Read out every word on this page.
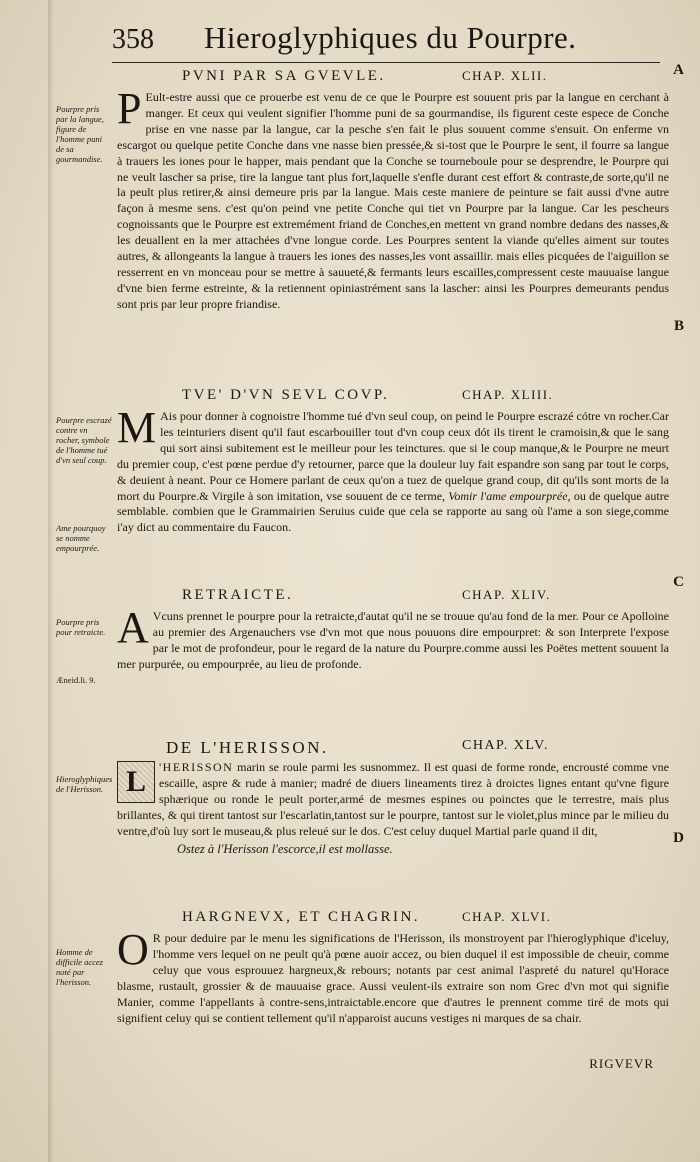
358 Hieroglyphiques du Pourpre.
A
B
C
D
PVNI PAR SA GVEVLE.	CHAP. XLII.
Pourpre pris par la langue, figure de l'homme puni de sa gourmandise.
P Eult-estre aussi que ce prouerbe est venu de ce que le Pourpre est souuent pris par la langue en cerchant à manger. Et ceux qui veulent signifier l'homme puni de sa gourmandise, ils figurent ceste espece de Conche prise en vne nasse par la langue, car la pesche s'en fait le plus souuent comme s'ensuit. On enferme vn escargot ou quelque petite Conche dans vne nasse bien pressée,& si-tost que le Pourpre le sent, il fourre sa langue à trauers les iones pour le happer, mais pendant que la Conche se tourneboule pour se desprendre, le Pourpre qui ne veult lascher sa prise, tire la langue tant plus fort,laquelle s'enfle durant cest effort & contraste,de sorte,qu'il ne la peult plus retirer,& ainsi demeure pris par la langue. Mais ceste maniere de peinture se fait aussi d'vne autre façon à mesme sens. c'est qu'on peind vne petite Conche qui tiet vn Pourpre par la langue. Car les pescheurs cognoissants que le Pourpre est extremément friand de Conches,en mettent vn grand nombre dedans des nasses,& les deuallent en la mer attachées d'vne longue corde. Les Pourpres sentent la viande qu'elles aiment sur toutes autres, & allongeants la langue à trauers les iones des nasses,les vont assaillir. mais elles picquées de l'aiguillon se resserrent en vn monceau pour se mettre à sauueté,& fermants leurs escailles,compressent ceste mauuaise langue d'vne bien ferme estreinte, & la retiennent opiniastrément sans la lascher: ainsi les Pourpres demeurants pendus sont pris par leur propre friandise.
TVE' D'VN SEVL COVP.	CHAP. XLIII.
Pourpre escrazé contre vn rocher, symbole de l'homme tué d'vn seul coup.
Ame pourquoy se nomme empourprée.
M Ais pour donner à cognoistre l'homme tué d'vn seul coup, on peind le Pourpre escrazé cótre vn rocher.Car les teinturiers disent qu'il faut escarbouiller tout d'vn coup ceux dót ils tirent le cramoisin,& que le sang qui sort ainsi subitement est le meilleur pour les teinctures. que si le coup manque,& le Pourpre ne meurt du premier coup, c'est pœne perdue d'y retourner, parce que la douleur luy fait espandre son sang par tout le corps, & deuient à neant. Pour ce Homere parlant de ceux qu'on a tuez de quelque grand coup, dit qu'ils sont morts de la mort du Pourpre.& Virgile à son imitation, vse souuent de ce terme, Vomir l'ame empourprée, ou de quelque autre semblable. combien que le Grammairien Seruius cuide que cela se rapporte au sang où l'ame a son siege,comme i'ay dict au commentaire du Faucon.
RETRAICTE.	CHAP. XLIV.
Pourpre pris pour retraicte.
Æneid.li. 9.
A Vcuns prennet le pourpre pour la retraicte,d'autat qu'il ne se trouue qu'au fond de la mer. Pour ce Apolloine au premier des Argenauchers vse d'vn mot que nous pouuons dire empourpret: & son Interprete l'expose par le mot de profondeur, pour le regard de la nature du Pourpre.comme aussi les Poëtes mettent souuent la mer purpurée, ou empourprée, au lieu de profonde.
DE L'HERISSON.	CHAP. XLV.
Hieroglyphiques de l'Herisson. L	'HERISSON marin se roule parmi les susnommez. Il est quasi de forme ronde, encrousté comme vne escaille, aspre & rude à manier; madré de diuers lineaments tirez à droictes lignes entant qu'vne figure sphærique ou ronde le peult porter,armé de mesmes espines ou poinctes que le terrestre, mais plus brillantes, & qui tirent tantost sur l'escarlatin,tantost sur le pourpre, tantost sur le violet,plus mince par le milieu du ventre,d'où luy sort le museau,& plus releué sur le dos. C'est celuy duquel Martial parle quand il dit,
Ostez à l'Herisson l'escorce,il est mollasse.
HARGNEVX, ET CHAGRIN.	CHAP. XLVI.
Homme de difficile accez noté par l'herisson.
O R pour deduire par le menu les significations de l'Herisson, ils monstroyent par l'hieroglyphique d'iceluy, l'homme vers lequel on ne peult qu'à pœne auoir accez, ou bien duquel il est impossible de cheuir, comme celuy que vous esprouuez hargneux,& rebours; notants par cest animal l'aspreté du naturel qu'Horace blasme, rustault, grossier & de mauuaise grace. Aussi veulent-ils extraire son nom Grec d'vn mot qui signifie Manier, comme l'appellants à contre-sens,intraictable.encore que d'autres le prennent comme tiré de mots qui signifient celuy qui se contient tellement qu'il n'apparoist aucuns vestiges ni marques de sa chair.
RIGVEVR
